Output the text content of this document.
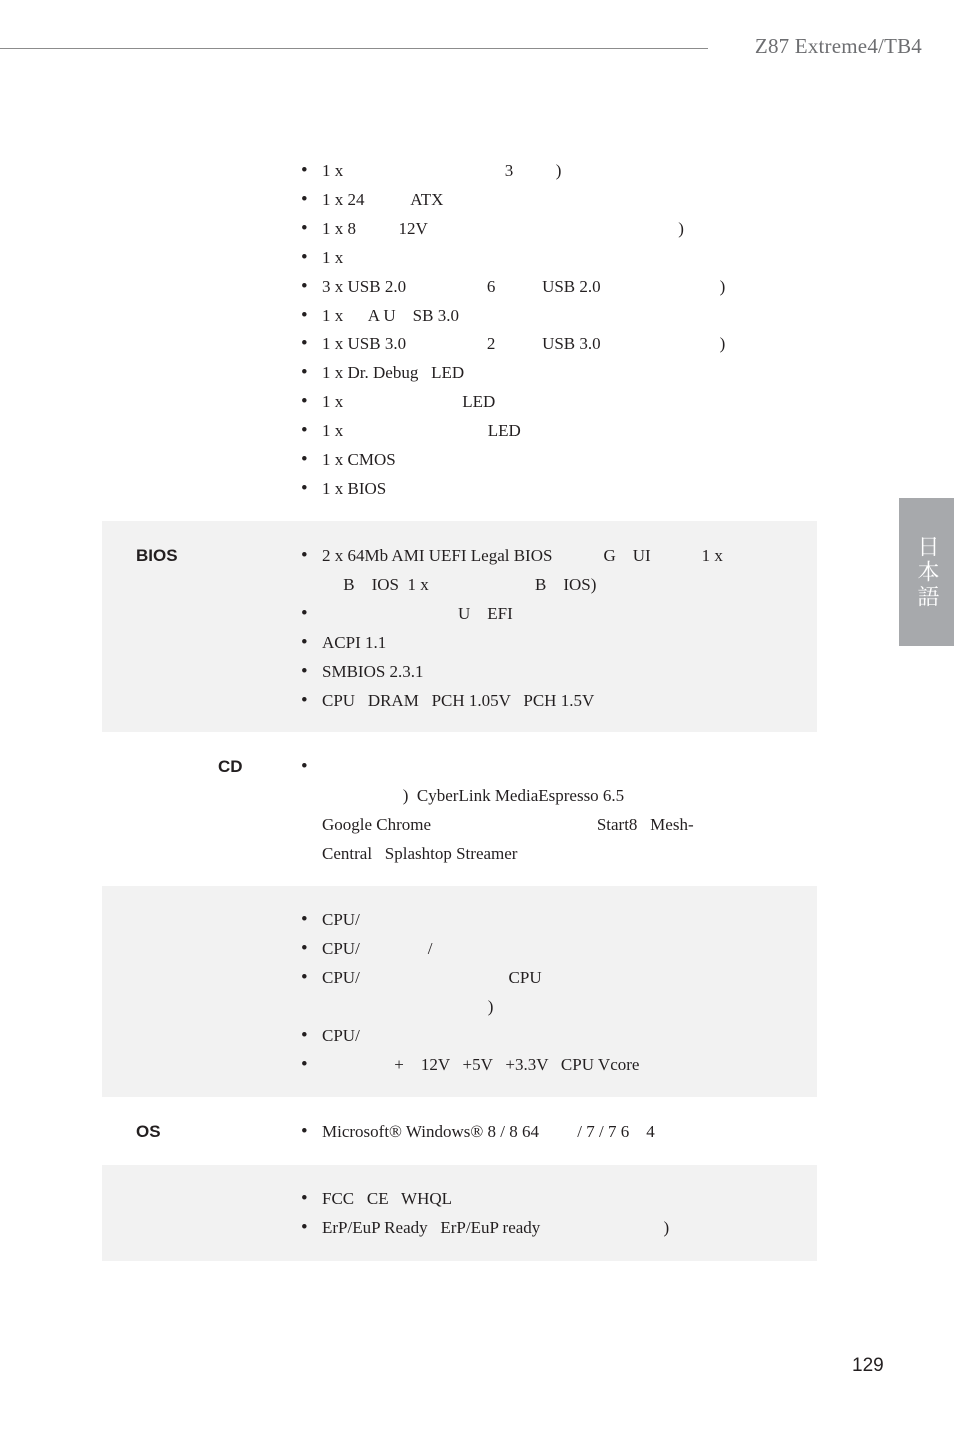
Z87 Extreme4/TB4
日本語
• 1 x                                      3          )
• 1 x 24           ATX
• 1 x 8          12V                                                           )
• 1 x
• 3 x USB 2.0                   6           USB 2.0                            )
• 1 x      A U    SB 3.0
• 1 x USB 3.0                   2           USB 3.0                            )
• 1 x Dr. Debug   LED
• 1 x                            LED
• 1 x                                  LED
• 1 x CMOS
• 1 x BIOS
BIOS	• 2 x 64Mb AMI UEFI Legal BIOS            G    UI            1 x
B    IOS  1 x                         B    IOS)
•                                 U    EFI
• ACPI 1.1
• SMBIOS 2.3.1
• CPU   DRAM   PCH 1.05V   PCH 1.5V
CD

•                    )  CyberLink MediaEspresso 6.5
Google Chrome                                       Start8   Mesh-
Central   Splashtop Streamer
• CPU/
• CPU/                /
• CPU/                                   CPU
)
• CPU/
•                  +    12V   +5V   +3.3V   CPU Vcore
OS	• Microsoft® Windows® 8 / 8 64         / 7 / 7 6    4
• FCC   CE   WHQL
• ErP/EuP Ready   ErP/EuP ready                             )
129
